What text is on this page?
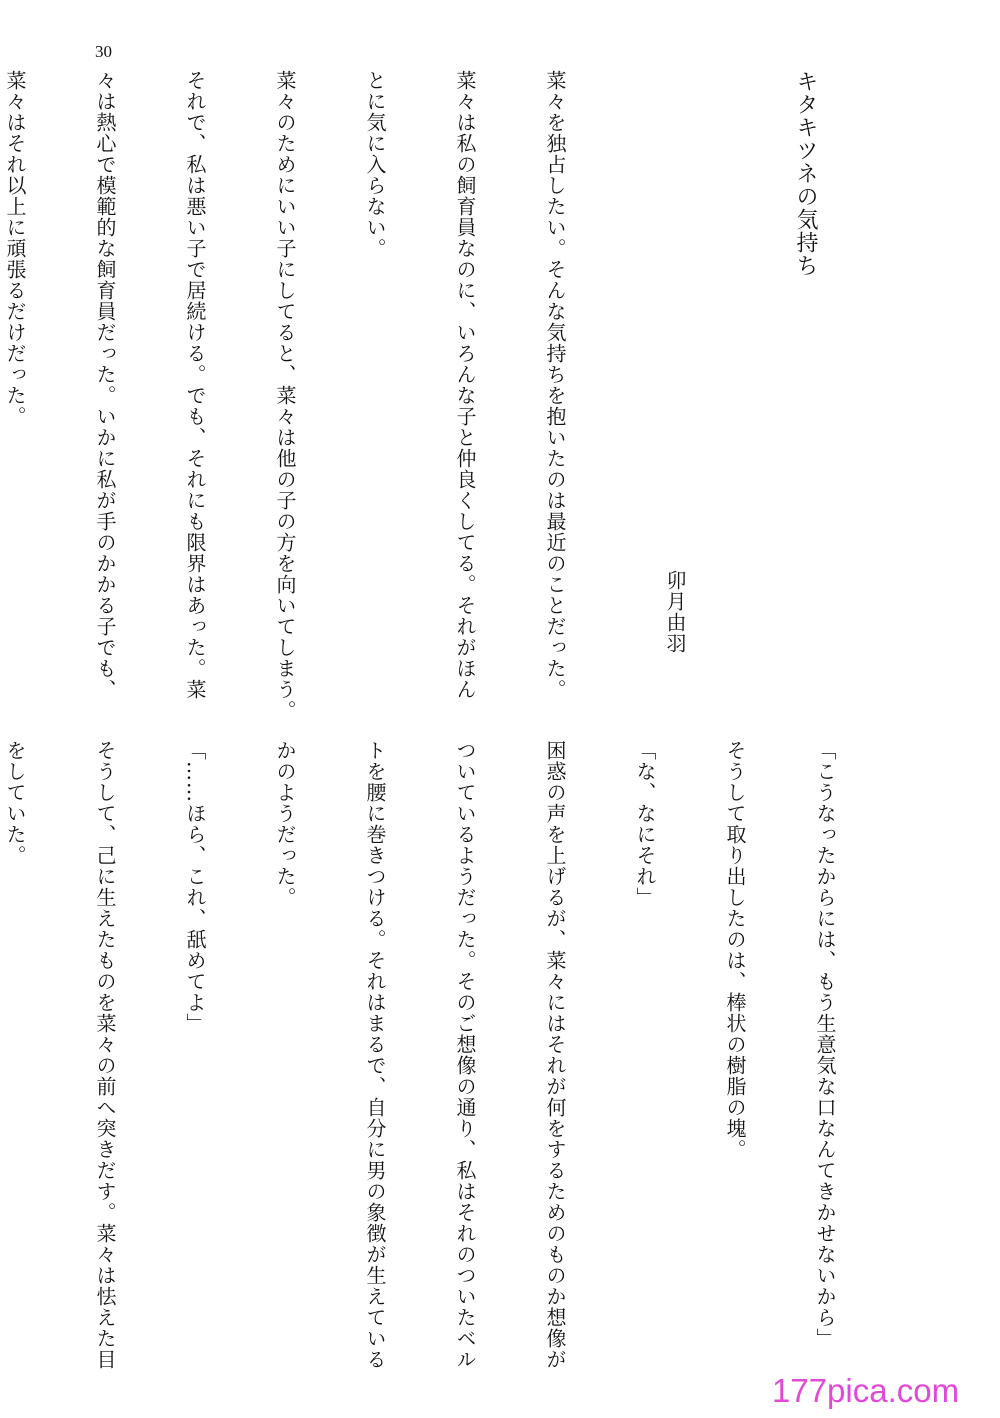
30

キタキツネの気持ち

卯月由羽

菜々を独占したい。そんな気持ちを抱いたのは最近のことだった。

菜々は私の飼育員なのに、いろんな子と仲良くしてる。それがほん

とに気に入らない。

菜々のためにいい子にしてると、菜々は他の子の方を向いてしまう。

それで、私は悪い子で居続ける。でも、それにも限界はあった。菜

々は熱心で模範的な飼育員だった。いかに私が手のかかる子でも、

菜々はそれ以上に頑張るだけだった。

「こうなったからには、もう生意気な口なんてきかせないから」

そうして取り出したのは、棒状の樹脂の塊。

「な、なにそれ」

困惑の声を上げるが、菜々にはそれが何をするためのものか想像が

ついているようだった。そのご想像の通り、私はそれのついたベル

トを腰に巻きつける。それはまるで、自分に男の象徴が生えている

かのようだった。

「……ほら、これ、舐めてよ」

そうして、己に生えたものを菜々の前へ突きだす。菜々は怯えた目

をしていた。

177pica.com
